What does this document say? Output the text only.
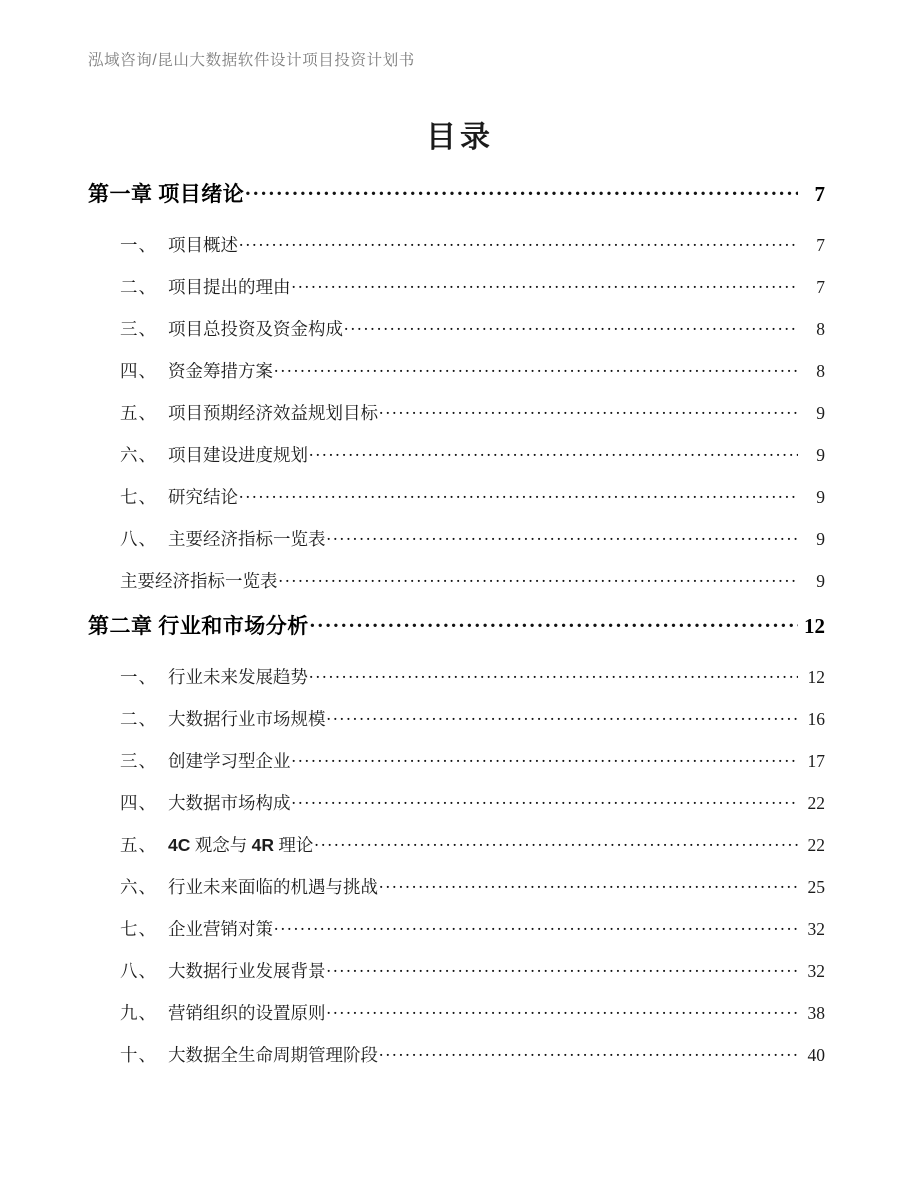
泓域咨询/昆山大数据软件设计项目投资计划书
目录
第一章 项目绪论 .....	7
一、 项目概述 .....	7
二、 项目提出的理由 .....	7
三、 项目总投资及资金构成 .....	8
四、 资金筹措方案 .....	8
五、 项目预期经济效益规划目标 .....	9
六、 项目建设进度规划 .....	9
七、 研究结论 .....	9
八、 主要经济指标一览表 .....	9
主要经济指标一览表 .....	9
第二章 行业和市场分析 .....	12
一、 行业未来发展趋势 .....	12
二、 大数据行业市场规模 .....	16
三、 创建学习型企业 .....	17
四、 大数据市场构成 .....	22
五、 4C 观念与 4R 理论 .....	22
六、 行业未来面临的机遇与挑战 .....	25
七、 企业营销对策 .....	32
八、 大数据行业发展背景 .....	32
九、 营销组织的设置原则 .....	38
十、 大数据全生命周期管理阶段 .....	40
